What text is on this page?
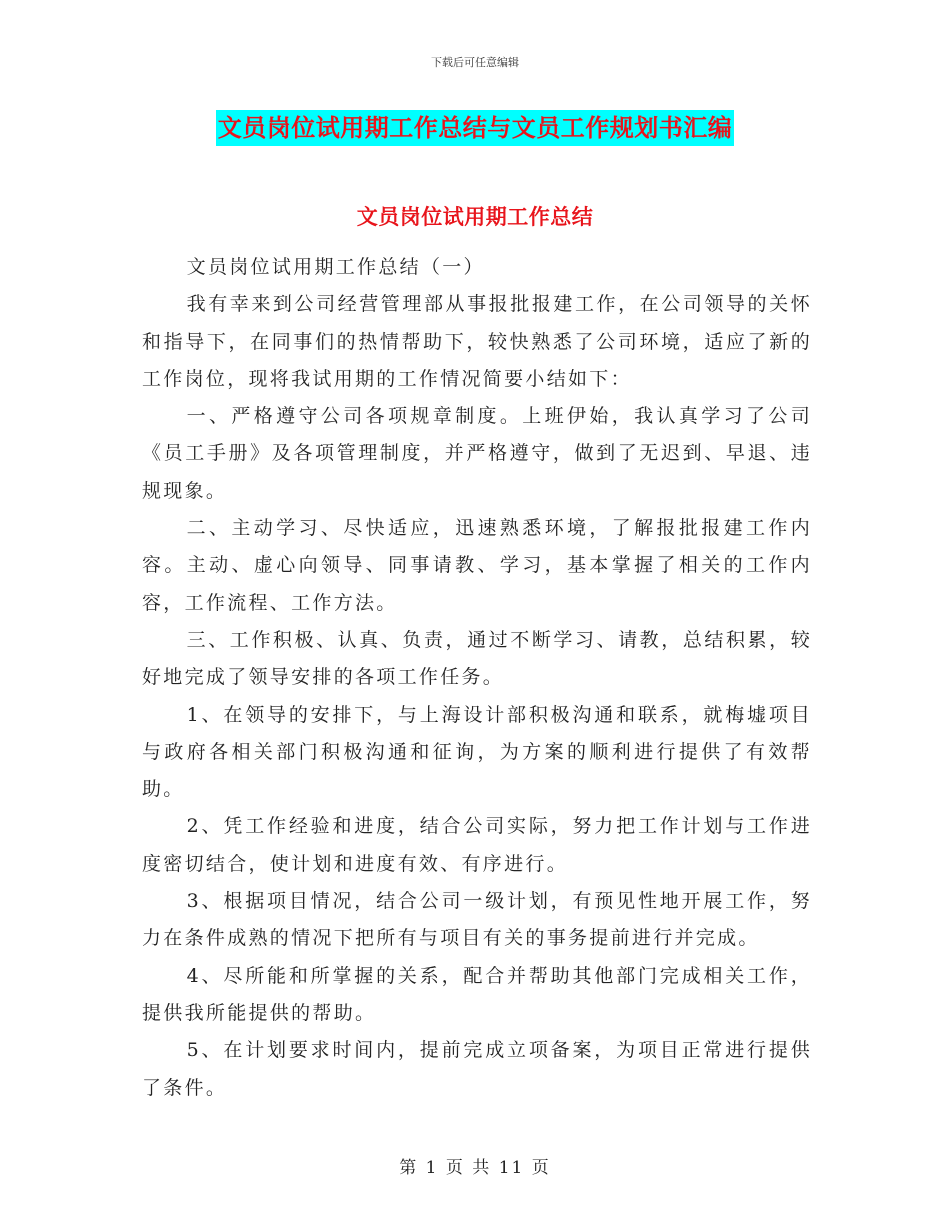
下载后可任意编辑
文员岗位试用期工作总结与文员工作规划书汇编
文员岗位试用期工作总结

文员岗位试用期工作总结（一）

我有幸来到公司经营管理部从事报批报建工作，在公司领导的关怀和指导下，在同事们的热情帮助下，较快熟悉了公司环境，适应了新的工作岗位，现将我试用期的工作情况简要小结如下：

一、严格遵守公司各项规章制度。上班伊始，我认真学习了公司《员工手册》及各项管理制度，并严格遵守，做到了无迟到、早退、违规现象。

二、主动学习、尽快适应，迅速熟悉环境，了解报批报建工作内容。主动、虚心向领导、同事请教、学习，基本掌握了相关的工作内容，工作流程、工作方法。

三、工作积极、认真、负责，通过不断学习、请教，总结积累，较好地完成了领导安排的各项工作任务。

1、在领导的安排下，与上海设计部积极沟通和联系，就梅墟项目与政府各相关部门积极沟通和征询，为方案的顺利进行提供了有效帮助。

2、凭工作经验和进度，结合公司实际，努力把工作计划与工作进度密切结合，使计划和进度有效、有序进行。

3、根据项目情况，结合公司一级计划，有预见性地开展工作，努力在条件成熟的情况下把所有与项目有关的事务提前进行并完成。

4、尽所能和所掌握的关系，配合并帮助其他部门完成相关工作，提供我所能提供的帮助。

5、在计划要求时间内，提前完成立项备案，为项目正常进行提供了条件。

第 1 页 共 11 页
